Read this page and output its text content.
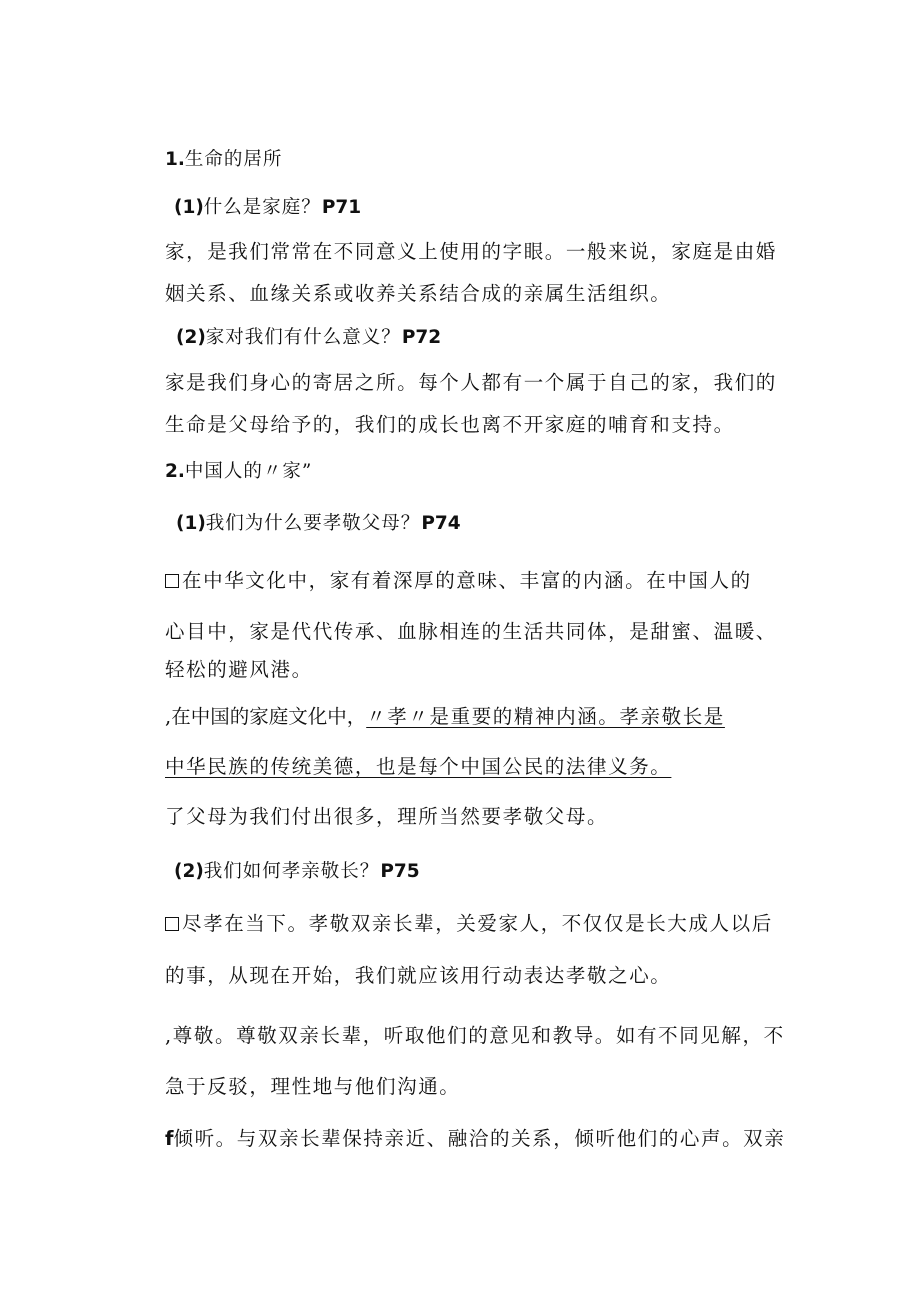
1.生命的居所
(1)什么是家庭？P71
家，是我们常常在不同意义上使用的字眼。一般来说，家庭是由婚
姻关系、血缘关系或收养关系结合成的亲属生活组织。
(2)家对我们有什么意义？P72
家是我们身心的寄居之所。每个人都有一个属于自己的家，我们的
生命是父母给予的，我们的成长也离不开家庭的哺育和支持。
2.中国人的〃家”
(1)我们为什么要孝敬父母？P74
在中华文化中，家有着深厚的意味、丰富的内涵。在中国人的
心目中，家是代代传承、血脉相连的生活共同体，是甜蜜、温暖、
轻松的避风港。
,在中国的家庭文化中，〃孝〃是重要的精神内涵。孝亲敬长是
中华民族的传统美德，也是每个中国公民的法律义务。
了父母为我们付出很多，理所当然要孝敬父母。
(2)我们如何孝亲敬长？P75
尽孝在当下。孝敬双亲长辈，关爱家人，不仅仅是长大成人以后
的事，从现在开始，我们就应该用行动表达孝敬之心。
,尊敬。尊敬双亲长辈，听取他们的意见和教导。如有不同见解，不
急于反驳，理性地与他们沟通。
f倾听。与双亲长辈保持亲近、融洽的关系，倾听他们的心声。双亲
